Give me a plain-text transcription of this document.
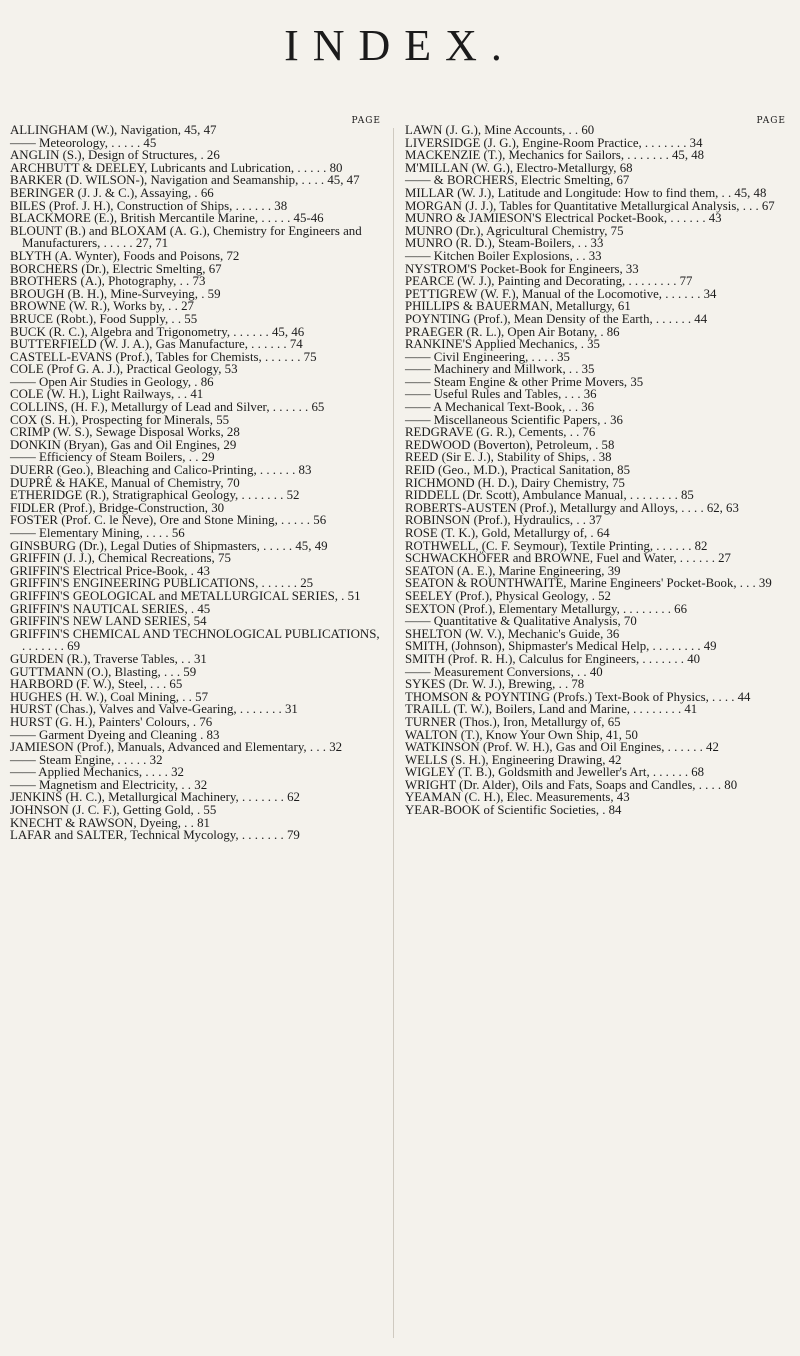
INDEX.
PAGE
ALLINGHAM (W.), Navigation, 45, 47
—— Meteorology, . . . . . 45
ANGLIN (S.), Design of Structures, . 26
ARCHBUTT & DEELEY, Lubricants and Lubrication, . . . . . 80
BARKER (D. WILSON-), Navigation and Seamanship, . . . . 45, 47
BERINGER (J. J. & C.), Assaying, . 66
BILES (Prof. J. H.), Construction of Ships, . . . . . . 38
BLACKMORE (E.), British Mercantile Marine, . . . . . 45-46
BLOUNT (B.) and BLOXAM (A. G.), Chemistry for Engineers and Manufacturers, . . . . . 27, 71
BLYTH (A. Wynter), Foods and Poisons, 72
BORCHERS (Dr.), Electric Smelting, 67
BROTHERS (A.), Photography, . . 73
BROUGH (B. H.), Mine-Surveying, . 59
BROWNE (W. R.), Works by, . . 27
BRUCE (Robt.), Food Supply, . . 55
BUCK (R. C.), Algebra and Trigonometry, . . . . . . 45, 46
BUTTERFIELD (W. J. A.), Gas Manufacture, . . . . . . 74
CASTELL-EVANS (Prof.), Tables for Chemists, . . . . . . 75
COLE (Prof G. A. J.), Practical Geology, 53
—— Open Air Studies in Geology, . 86
COLE (W. H.), Light Railways, . . 41
COLLINS, (H. F.), Metallurgy of Lead and Silver, . . . . . . 65
COX (S. H.), Prospecting for Minerals, 55
CRIMP (W. S.), Sewage Disposal Works, 28
DONKIN (Bryan), Gas and Oil Engines, 29
—— Efficiency of Steam Boilers, . . 29
DUERR (Geo.), Bleaching and Calico-Printing, . . . . . . 83
DUPRÉ & HAKE, Manual of Chemistry, 70
ETHERIDGE (R.), Stratigraphical Geology, . . . . . . . 52
FIDLER (Prof.), Bridge-Construction, 30
FOSTER (Prof. C. le Neve), Ore and Stone Mining, . . . . . 56
—— Elementary Mining, . . . . 56
GINSBURG (Dr.), Legal Duties of Shipmasters, . . . . . 45, 49
GRIFFIN (J. J.), Chemical Recreations, 75
GRIFFIN'S Electrical Price-Book, . 43
GRIFFIN'S ENGINEERING PUBLICATIONS, . . . . . . 25
GRIFFIN'S GEOLOGICAL and METALLURGICAL SERIES, . 51
GRIFFIN'S NAUTICAL SERIES, . 45
GRIFFIN'S NEW LAND SERIES, 54
GRIFFIN'S CHEMICAL AND TECHNOLOGICAL PUBLICATIONS, . . . . . . . 69
GURDEN (R.), Traverse Tables, . . 31
GUTTMANN (O.), Blasting, . . . 59
HARBORD (F. W.), Steel, . . . 65
HUGHES (H. W.), Coal Mining, . . 57
HURST (Chas.), Valves and Valve-Gearing, . . . . . . . 31
HURST (G. H.), Painters' Colours, . 76
—— Garment Dyeing and Cleaning . 83
JAMIESON (Prof.), Manuals, Advanced and Elementary, . . . 32
—— Steam Engine, . . . . . 32
—— Applied Mechanics, . . . . 32
—— Magnetism and Electricity, . . 32
JENKINS (H. C.), Metallurgical Machinery, . . . . . . . 62
JOHNSON (J. C. F.), Getting Gold, . 55
KNECHT & RAWSON, Dyeing, . . 81
LAFAR and SALTER, Technical Mycology, . . . . . . . 79
PAGE
LAWN (J. G.), Mine Accounts, . . 60
LIVERSIDGE (J. G.), Engine-Room Practice, . . . . . . . 34
MACKENZIE (T.), Mechanics for Sailors, . . . . . . . 45, 48
M'MILLAN (W. G.), Electro-Metallurgy, 68
—— & BORCHERS, Electric Smelting, 67
MILLAR (W. J.), Latitude and Longitude: How to find them, . . 45, 48
MORGAN (J. J.), Tables for Quantitative Metallurgical Analysis, . . . 67
MUNRO & JAMIESON'S Electrical Pocket-Book, . . . . . . 43
MUNRO (Dr.), Agricultural Chemistry, 75
MUNRO (R. D.), Steam-Boilers, . . 33
—— Kitchen Boiler Explosions, . . 33
NYSTROM'S Pocket-Book for Engineers, 33
PEARCE (W. J.), Painting and Decorating, . . . . . . . . 77
PETTIGREW (W. F.), Manual of the Locomotive, . . . . . . 34
PHILLIPS & BAUERMAN, Metallurgy, 61
POYNTING (Prof.), Mean Density of the Earth, . . . . . . 44
PRAEGER (R. L.), Open Air Botany, . 86
RANKINE'S Applied Mechanics, . 35
—— Civil Engineering, . . . . 35
—— Machinery and Millwork, . . 35
—— Steam Engine & other Prime Movers, 35
—— Useful Rules and Tables, . . . 36
—— A Mechanical Text-Book, . . 36
—— Miscellaneous Scientific Papers, . 36
REDGRAVE (G. R.), Cements, . . 76
REDWOOD (Boverton), Petroleum, . 58
REED (Sir E. J.), Stability of Ships, . 38
REID (Geo., M.D.), Practical Sanitation, 85
RICHMOND (H. D.), Dairy Chemistry, 75
RIDDELL (Dr. Scott), Ambulance Manual, . . . . . . . . 85
ROBERTS-AUSTEN (Prof.), Metallurgy and Alloys, . . . . 62, 63
ROBINSON (Prof.), Hydraulics, . . 37
ROSE (T. K.), Gold, Metallurgy of, . 64
ROTHWELL, (C. F. Seymour), Textile Printing, . . . . . . 82
SCHWACKHÖFER and BROWNE, Fuel and Water, . . . . . . 27
SEATON (A. E.), Marine Engineering, 39
SEATON & ROUNTHWAITE, Marine Engineers' Pocket-Book, . . . 39
SEELEY (Prof.), Physical Geology, . 52
SEXTON (Prof.), Elementary Metallurgy, . . . . . . . . 66
—— Quantitative & Qualitative Analysis, 70
SHELTON (W. V.), Mechanic's Guide, 36
SMITH, (Johnson), Shipmaster's Medical Help, . . . . . . . . 49
SMITH (Prof. R. H.), Calculus for Engineers, . . . . . . . 40
—— Measurement Conversions, . . 40
SYKES (Dr. W. J.), Brewing, . . 78
THOMSON & POYNTING (Profs.) Text-Book of Physics, . . . . 44
TRAILL (T. W.), Boilers, Land and Marine, . . . . . . . . 41
TURNER (Thos.), Iron, Metallurgy of, 65
WALTON (T.), Know Your Own Ship, 41, 50
WATKINSON (Prof. W. H.), Gas and Oil Engines, . . . . . . 42
WELLS (S. H.), Engineering Drawing, 42
WIGLEY (T. B.), Goldsmith and Jeweller's Art, . . . . . . 68
WRIGHT (Dr. Alder), Oils and Fats, Soaps and Candles, . . . . 80
YEAMAN (C. H.), Elec. Measurements, 43
YEAR-BOOK of Scientific Societies, . 84
